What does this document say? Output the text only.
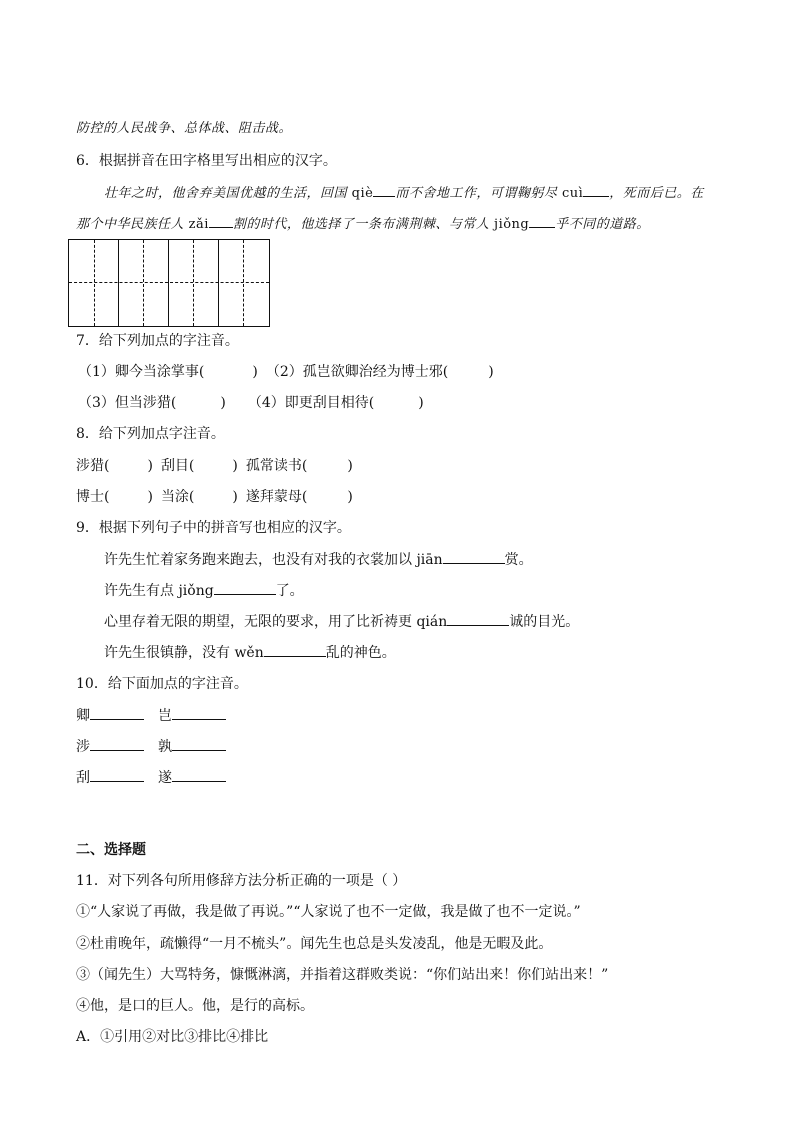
防控的人民战争、总体战、阻击战。
6．根据拼音在田字格里写出相应的汉字。
壮年之时，他舍弃美国优越的生活，回国 qiè 而不舍地工作，可谓鞠躬尽 cuì ，死而后已。在
那个中华民族任人 zǎi 割的时代，他选择了一条布满荆棘、与常人 jiǒng 乎不同的道路。
7．给下列加点的字注音。
（1）卿今当涂掌事(	) （2）孤岂欲卿治经为博士邪(	)
（3）但当涉猎(	) （4）即更刮目相待(	)
8．给下列加点字注音。
涉猎(	) 刮目(	) 孤常读书(	)
博士(	) 当涂(	) 遂拜蒙母(	)
9．根据下列句子中的拼音写也相应的汉字。
许先生忙着家务跑来跑去，也没有对我的衣裳加以 jiān	赏。
许先生有点 jiǒng	了。
心里存着无限的期望，无限的要求，用了比祈祷更 qián	诚的目光。
许先生很镇静，没有 wěn	乱的神色。
10．给下面加点的字注音。
卿	岂
涉	孰
刮	遂
二、选择题
11．对下列各句所用修辞方法分析正确的一项是（ ）
①“人家说了再做，我是做了再说。”“人家说了也不一定做，我是做了也不一定说。”
②杜甫晚年，疏懒得“一月不梳头”。闻先生也总是头发凌乱，他是无暇及此。
③（闻先生）大骂特务，慷慨淋漓，并指着这群败类说：“你们站出来！你们站出来！”
④他，是口的巨人。他，是行的高标。
A．①引用②对比③排比④排比
